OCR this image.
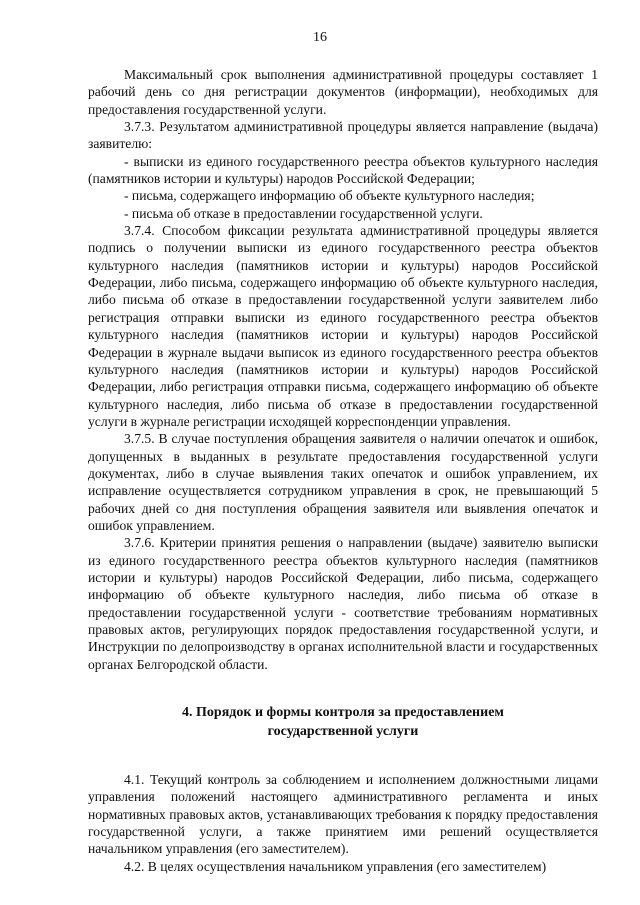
16

Максимальный срок выполнения административной процедуры составляет 1 рабочий день со дня регистрации документов (информации), необходимых для предоставления государственной услуги.

3.7.3. Результатом административной процедуры является направление (выдача) заявителю:

- выписки из единого государственного реестра объектов культурного наследия (памятников истории и культуры) народов Российской Федерации;

- письма, содержащего информацию об объекте культурного наследия;

- письма об отказе в предоставлении государственной услуги.

3.7.4. Способом фиксации результата административной процедуры является подпись о получении выписки из единого государственного реестра объектов культурного наследия (памятников истории и культуры) народов Российской Федерации, либо письма, содержащего информацию об объекте культурного наследия, либо письма об отказе в предоставлении государственной услуги заявителем либо регистрация отправки выписки из единого государственного реестра объектов культурного наследия (памятников истории и культуры) народов Российской Федерации в журнале выдачи выписок из единого государственного реестра объектов культурного наследия (памятников истории и культуры) народов Российской Федерации, либо регистрация отправки письма, содержащего информацию об объекте культурного наследия, либо письма об отказе в предоставлении государственной услуги в журнале регистрации исходящей корреспонденции управления.

3.7.5. В случае поступления обращения заявителя о наличии опечаток и ошибок, допущенных в выданных в результате предоставления государственной услуги документах, либо в случае выявления таких опечаток и ошибок управлением, их исправление осуществляется сотрудником управления в срок, не превышающий 5 рабочих дней со дня поступления обращения заявителя или выявления опечаток и ошибок управлением.

3.7.6. Критерии принятия решения о направлении (выдаче) заявителю выписки из единого государственного реестра объектов культурного наследия (памятников истории и культуры) народов Российской Федерации, либо письма, содержащего информацию об объекте культурного наследия, либо письма об отказе в предоставлении государственной услуги - соответствие требованиям нормативных правовых актов, регулирующих порядок предоставления государственной услуги, и Инструкции по делопроизводству в органах исполнительной власти и государственных органах Белгородской области.

4. Порядок и формы контроля за предоставлением
государственной услуги

4.1. Текущий контроль за соблюдением и исполнением должностными лицами управления положений настоящего административного регламента и иных нормативных правовых актов, устанавливающих требования к порядку предоставления государственной услуги, а также принятием ими решений осуществляется начальником управления (его заместителем).

4.2. В целях осуществления начальником управления (его заместителем)
